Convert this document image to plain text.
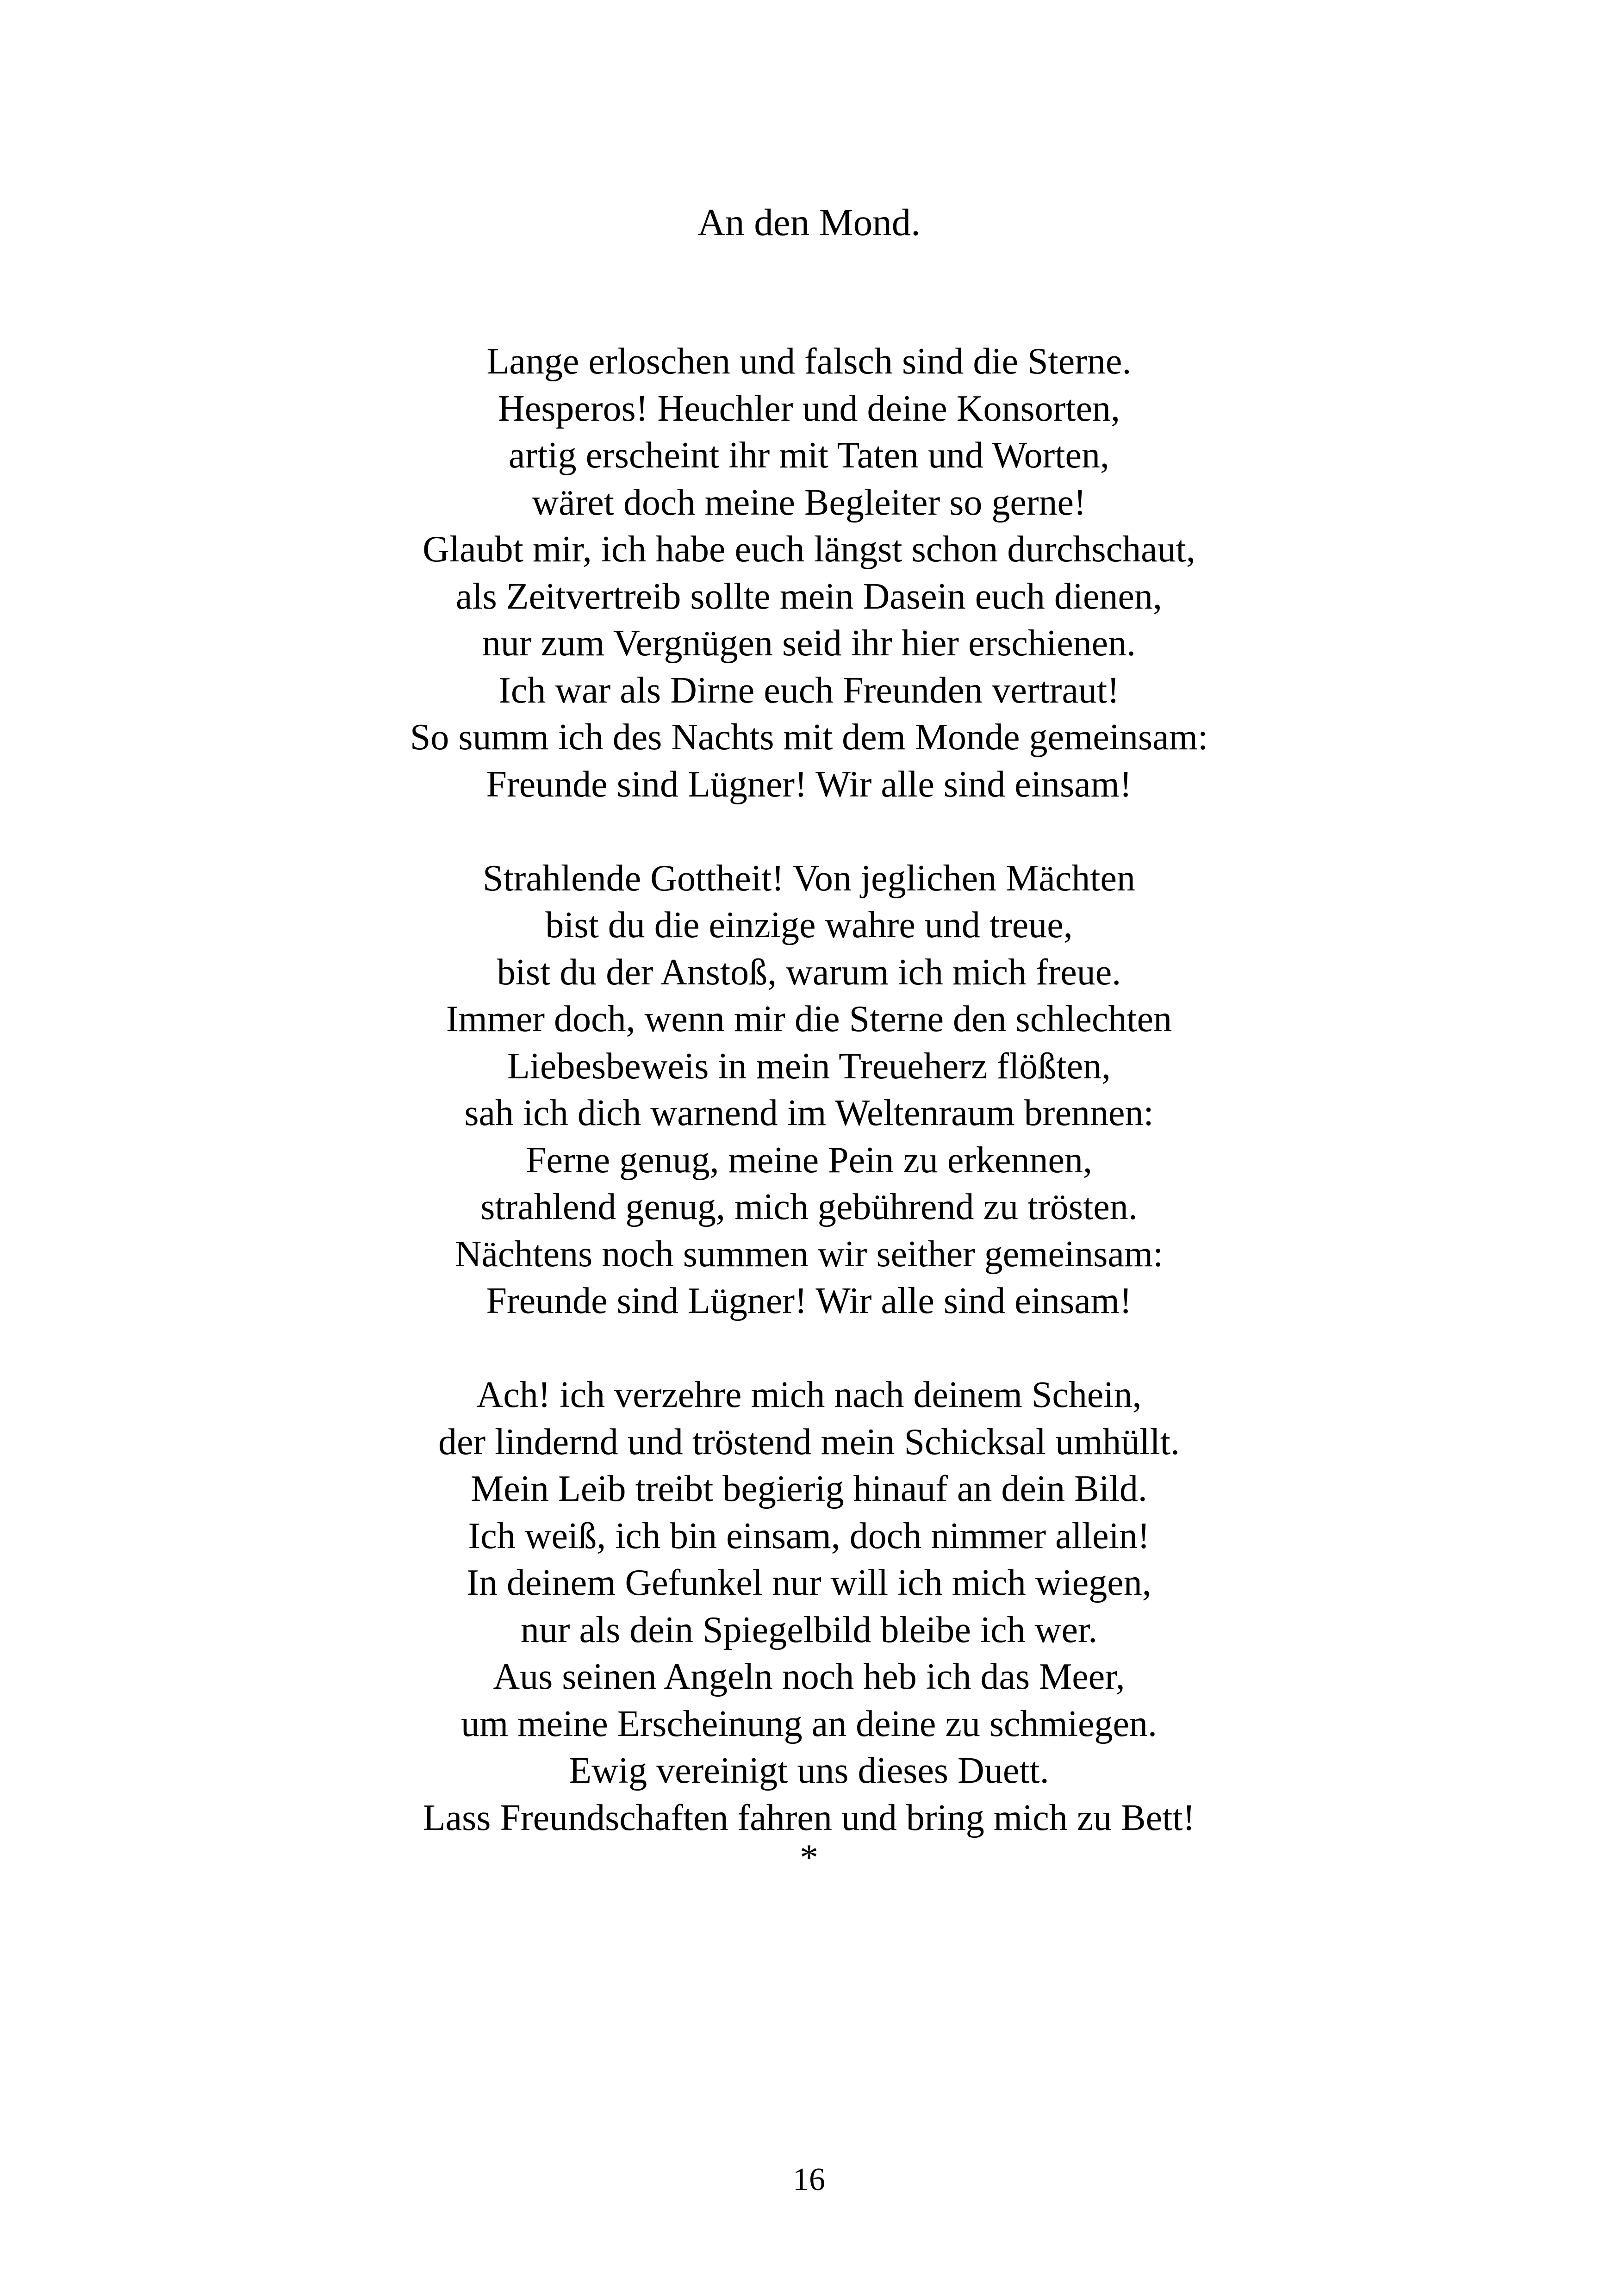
An den Mond.
Lange erloschen und falsch sind die Sterne.
Hesperos! Heuchler und deine Konsorten,
artig erscheint ihr mit Taten und Worten,
wäret doch meine Begleiter so gerne!
Glaubt mir, ich habe euch längst schon durchschaut,
als Zeitvertreib sollte mein Dasein euch dienen,
nur zum Vergnügen seid ihr hier erschienen.
Ich war als Dirne euch Freunden vertraut!
So summ ich des Nachts mit dem Monde gemeinsam:
Freunde sind Lügner! Wir alle sind einsam!
Strahlende Gottheit! Von jeglichen Mächten
bist du die einzige wahre und treue,
bist du der Anstoß, warum ich mich freue.
Immer doch, wenn mir die Sterne den schlechten
Liebesbeweis in mein Treueherz flößten,
sah ich dich warnend im Weltenraum brennen:
Ferne genug, meine Pein zu erkennen,
strahlend genug, mich gebührend zu trösten.
Nächtens noch summen wir seither gemeinsam:
Freunde sind Lügner! Wir alle sind einsam!
Ach! ich verzehre mich nach deinem Schein,
der lindernd und tröstend mein Schicksal umhüllt.
Mein Leib treibt begierig hinauf an dein Bild.
Ich weiß, ich bin einsam, doch nimmer allein!
In deinem Gefunkel nur will ich mich wiegen,
nur als dein Spiegelbild bleibe ich wer.
Aus seinen Angeln noch heb ich das Meer,
um meine Erscheinung an deine zu schmiegen.
Ewig vereinigt uns dieses Duett.
Lass Freundschaften fahren und bring mich zu Bett!
*
16
